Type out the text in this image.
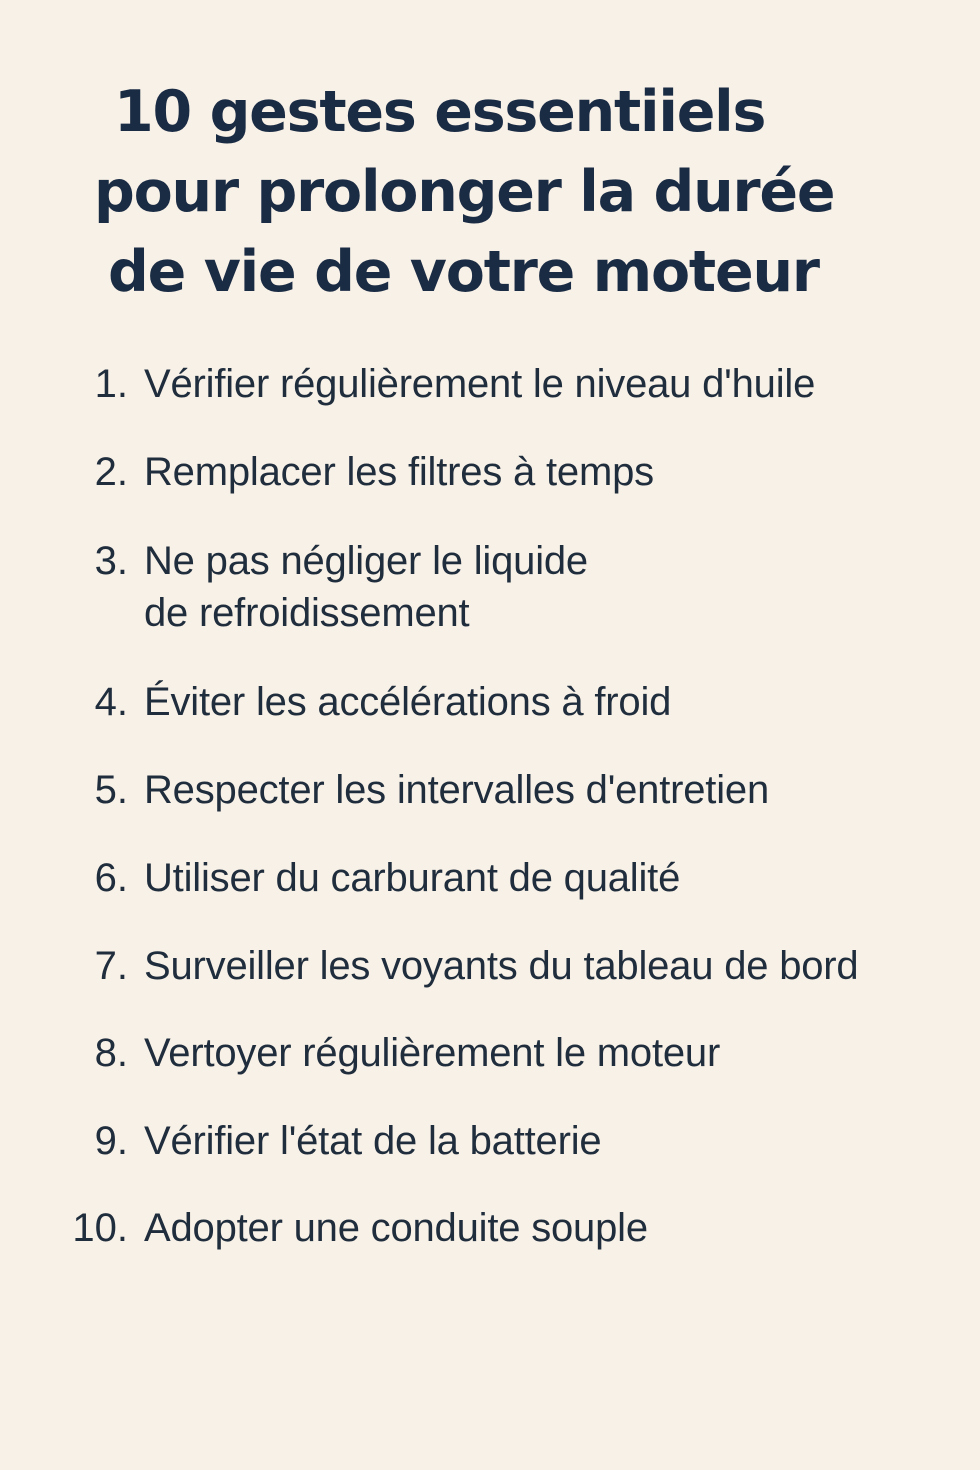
10 gestes essentiiels
pour prolonger la durée
de vie de votre moteur
1. Vérifier régulièrement le niveau d'huile
2. Remplacer les filtres à temps
3. Ne pas négliger le liquide
de refroidissement
4. Éviter les accélérations à froid
5. Respecter les intervalles d'entretien
6. Utiliser du carburant de qualité
7. Surveiller les voyants du tableau de bord
8. Vertoyer régulièrement le moteur
9. Vérifier l'état de la batterie
10. Adopter une conduite souple
